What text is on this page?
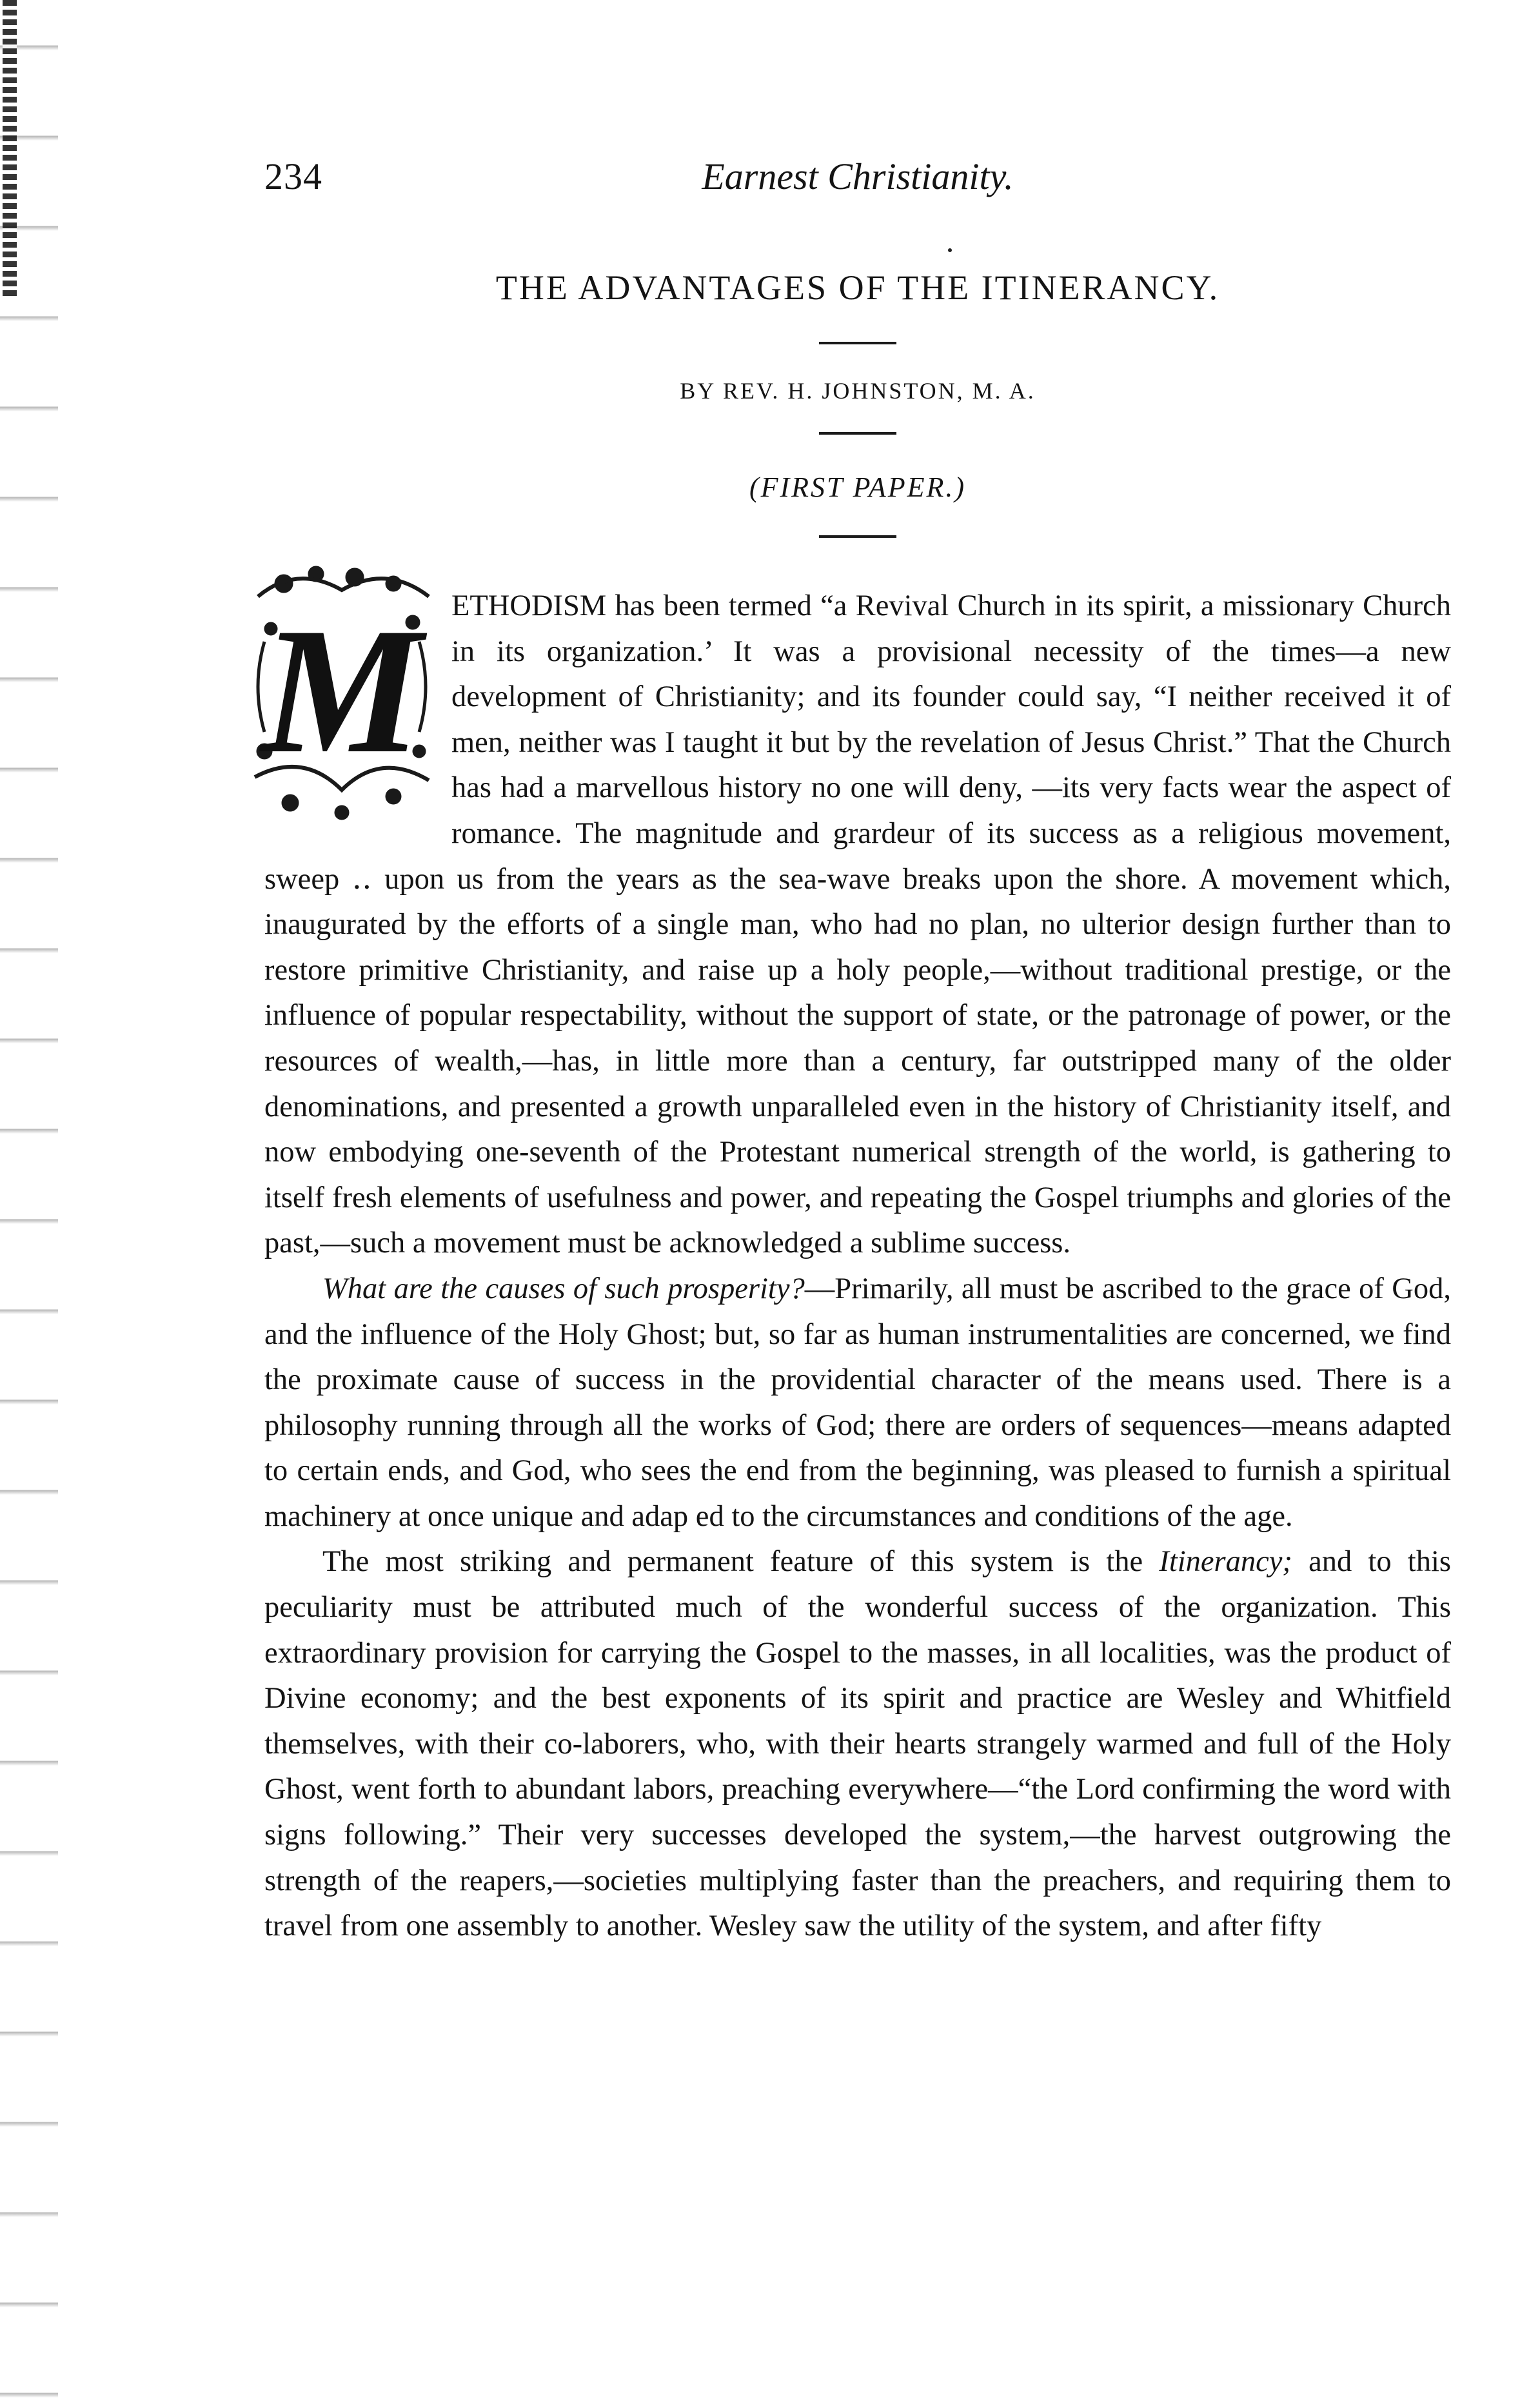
234	Earnest Christianity.
THE ADVANTAGES OF THE ITINERANCY.
BY REV. H. JOHNSTON, M. A.
(FIRST PAPER.)
M ETHODISM has been termed “a Revival Church in its spirit, a missionary Church in its organization.’ It was a provisional necessity of the times—a new development of Christianity; and its founder could say, “I neither received it of men, neither was I taught it but by the revelation of Jesus Christ.” That the Church has had a marvellous history no one will deny, —its very facts wear the aspect of romance. The magnitude and grardeur of its success as a religious movement, sweep ‥ upon us from the years as the sea-wave breaks upon the shore. A movement which, inaugurated by the efforts of a single man, who had no plan, no ulterior design further than to restore primitive Christianity, and raise up a holy people,—without traditional prestige, or the influence of popular respectability, without the support of state, or the patronage of power, or the resources of wealth,—has, in little more than a century, far outstripped many of the older denominations, and presented a growth unparalleled even in the history of Christianity itself, and now embodying one-seventh of the Protestant numerical strength of the world, is gathering to itself fresh elements of usefulness and power, and repeating the Gospel triumphs and glories of the past,—such a movement must be acknowledged a sublime success.

What are the causes of such prosperity?—Primarily, all must be ascribed to the grace of God, and the influence of the Holy Ghost; but, so far as human instrumentalities are concerned, we find the proximate cause of success in the providential character of the means used. There is a philosophy running through all the works of God; there are orders of sequences—means adapted to certain ends, and God, who sees the end from the beginning, was pleased to furnish a spiritual machinery at once unique and adap ed to the circumstances and conditions of the age.

The most striking and permanent feature of this system is the Itinerancy; and to this peculiarity must be attributed much of the wonderful success of the organization. This extraordinary provision for carrying the Gospel to the masses, in all localities, was the product of Divine economy; and the best exponents of its spirit and practice are Wesley and Whitfield themselves, with their co-laborers, who, with their hearts strangely warmed and full of the Holy Ghost, went forth to abundant labors, preaching everywhere—“the Lord confirming the word with signs following.” Their very successes developed the system,—the harvest outgrowing the strength of the reapers,—societies multiplying faster than the preachers, and requiring them to travel from one assembly to another. Wesley saw the utility of the system, and after fifty
